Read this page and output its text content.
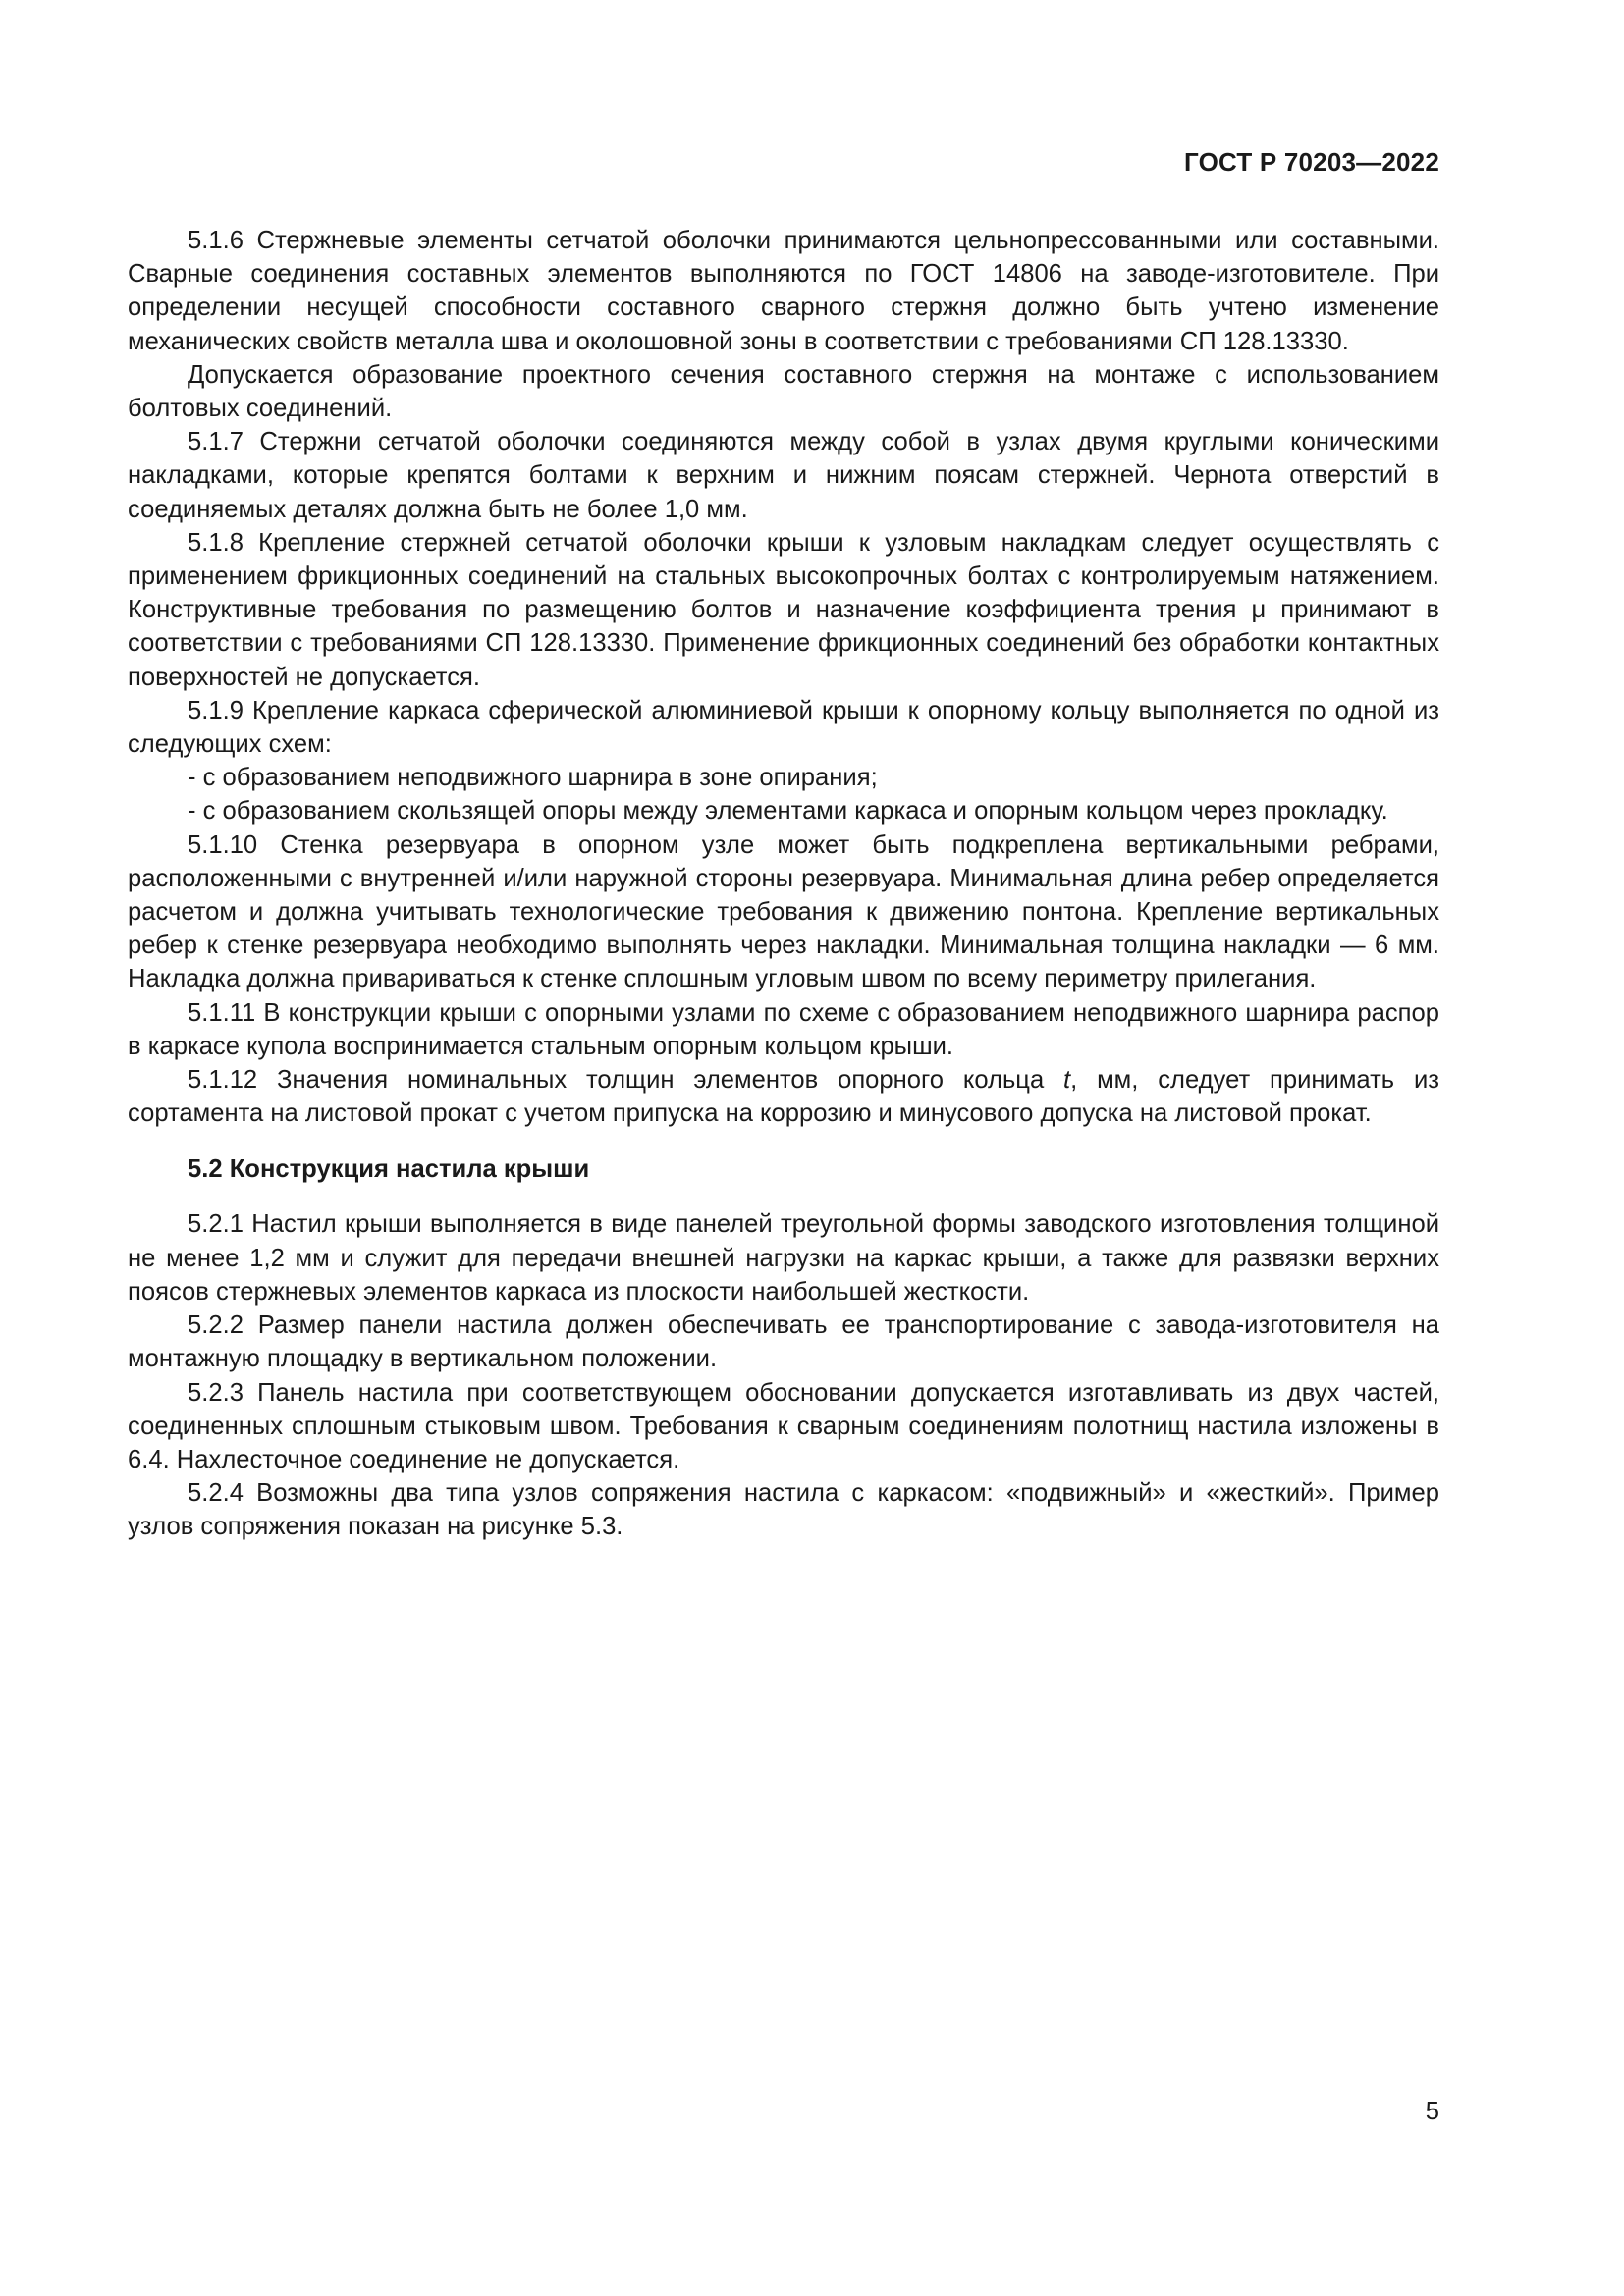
ГОСТ Р 70203—2022

5.1.6 Стержневые элементы сетчатой оболочки принимаются цельнопрессованными или составными. Сварные соединения составных элементов выполняются по ГОСТ 14806 на заводе-изготовителе. При определении несущей способности составного сварного стержня должно быть учтено изменение механических свойств металла шва и околошовной зоны в соответствии с требованиями СП 128.13330.

Допускается образование проектного сечения составного стержня на монтаже с использованием болтовых соединений.

5.1.7 Стержни сетчатой оболочки соединяются между собой в узлах двумя круглыми коническими накладками, которые крепятся болтами к верхним и нижним поясам стержней. Чернота отверстий в соединяемых деталях должна быть не более 1,0 мм.

5.1.8 Крепление стержней сетчатой оболочки крыши к узловым накладкам следует осуществлять с применением фрикционных соединений на стальных высокопрочных болтах с контролируемым натяжением. Конструктивные требования по размещению болтов и назначение коэффициента трения μ принимают в соответствии с требованиями СП 128.13330. Применение фрикционных соединений без обработки контактных поверхностей не допускается.

5.1.9 Крепление каркаса сферической алюминиевой крыши к опорному кольцу выполняется по одной из следующих схем:

- с образованием неподвижного шарнира в зоне опирания;

- с образованием скользящей опоры между элементами каркаса и опорным кольцом через прокладку.

5.1.10 Стенка резервуара в опорном узле может быть подкреплена вертикальными ребрами, расположенными с внутренней и/или наружной стороны резервуара. Минимальная длина ребер определяется расчетом и должна учитывать технологические требования к движению понтона. Крепление вертикальных ребер к стенке резервуара необходимо выполнять через накладки. Минимальная толщина накладки — 6 мм. Накладка должна привариваться к стенке сплошным угловым швом по всему периметру прилегания.

5.1.11 В конструкции крыши с опорными узлами по схеме с образованием неподвижного шарнира распор в каркасе купола воспринимается стальным опорным кольцом крыши.

5.1.12 Значения номинальных толщин элементов опорного кольца t, мм, следует принимать из сортамента на листовой прокат с учетом припуска на коррозию и минусового допуска на листовой прокат.

5.2 Конструкция настила крыши

5.2.1 Настил крыши выполняется в виде панелей треугольной формы заводского изготовления толщиной не менее 1,2 мм и служит для передачи внешней нагрузки на каркас крыши, а также для развязки верхних поясов стержневых элементов каркаса из плоскости наибольшей жесткости.

5.2.2 Размер панели настила должен обеспечивать ее транспортирование с завода-изготовителя на монтажную площадку в вертикальном положении.

5.2.3 Панель настила при соответствующем обосновании допускается изготавливать из двух частей, соединенных сплошным стыковым швом. Требования к сварным соединениям полотнищ настила изложены в 6.4. Нахлесточное соединение не допускается.

5.2.4 Возможны два типа узлов сопряжения настила с каркасом: «подвижный» и «жесткий». Пример узлов сопряжения показан на рисунке 5.3.

5
